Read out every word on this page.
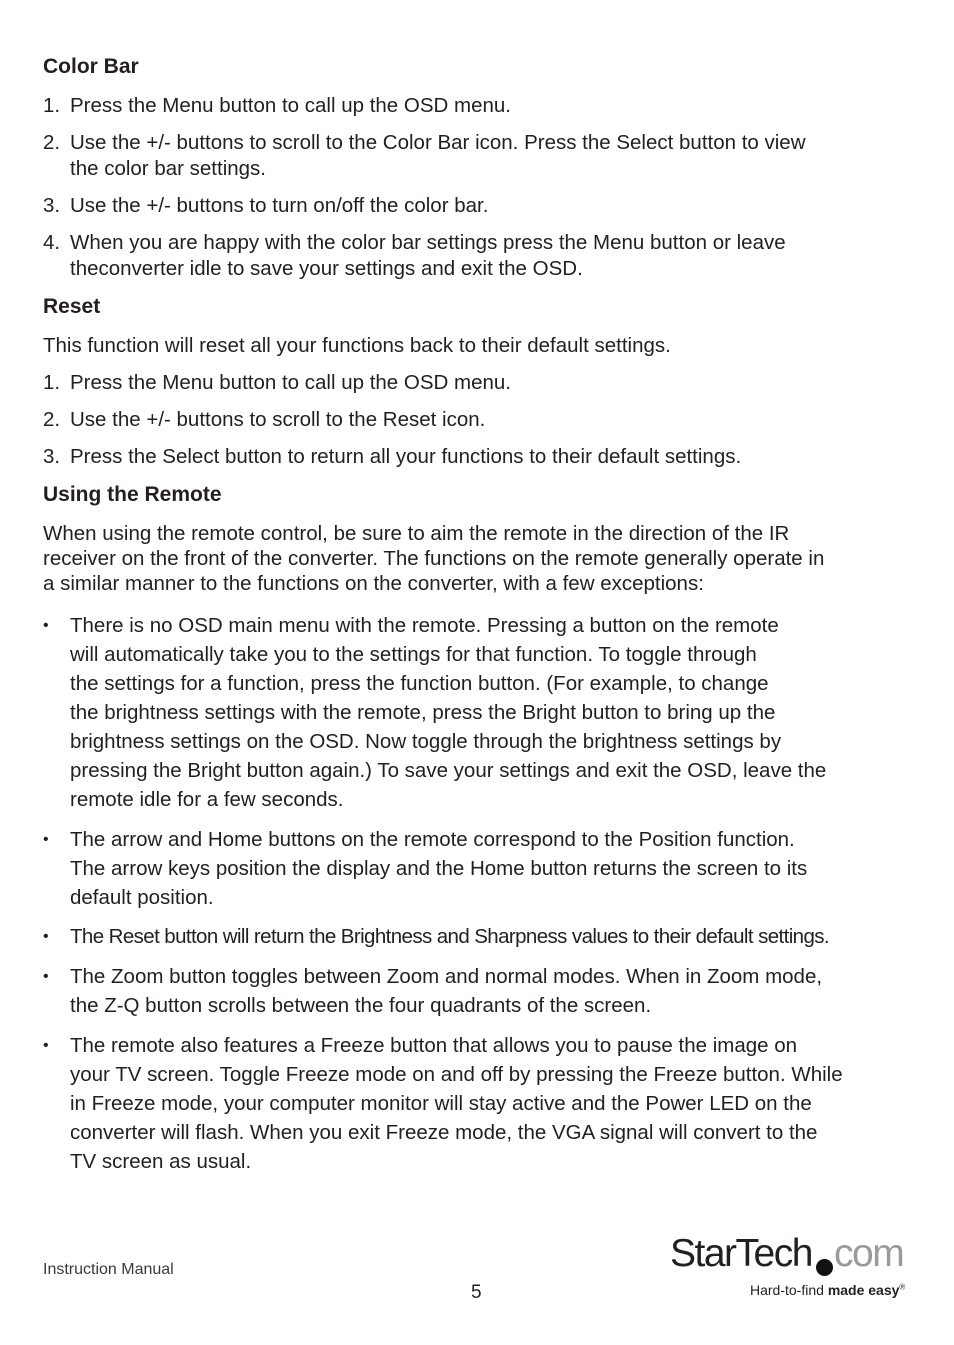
Color Bar
1. Press the Menu button to call up the OSD menu.
2. Use the +/- buttons to scroll to the Color Bar icon. Press the Select button to view
the color bar settings.
3. Use the +/- buttons to turn on/off the color bar.
4. When you are happy with the color bar settings press the Menu button or leave
theconverter idle to save your settings and exit the OSD.
Reset
This function will reset all your functions back to their default settings.
1. Press the Menu button to call up the OSD menu.
2. Use the +/- buttons to scroll to the Reset icon.
3. Press the Select button to return all your functions to their default settings.
Using the Remote
When using the remote control, be sure to aim the remote in the direction of the IR
receiver on the front of the converter. The functions on the remote generally operate in
a similar manner to the functions on the converter, with a few exceptions:
• There is no OSD main menu with the remote. Pressing a button on the remote
will automatically take you to the settings for that function. To toggle through
the settings for a function, press the function button. (For example, to change
the brightness settings with the remote, press the Bright button to bring up the
brightness settings on the OSD. Now toggle through the brightness settings by
pressing the Bright button again.) To save your settings and exit the OSD, leave the
remote idle for a few seconds.
• The arrow and Home buttons on the remote correspond to the Position function.
The arrow keys position the display and the Home button returns the screen to its
default position.
• The Reset button will return the Brightness and Sharpness values to their default settings.
• The Zoom button toggles between Zoom and normal modes. When in Zoom mode,
the Z-Q button scrolls between the four quadrants of the screen.
• The remote also features a Freeze button that allows you to pause the image on
your TV screen. Toggle Freeze mode on and off by pressing the Freeze button. While
in Freeze mode, your computer monitor will stay active and the Power LED on the
converter will flash. When you exit Freeze mode, the VGA signal will convert to the
TV screen as usual.
Instruction Manual
5
StarTech com
Hard-to-find made easy®
